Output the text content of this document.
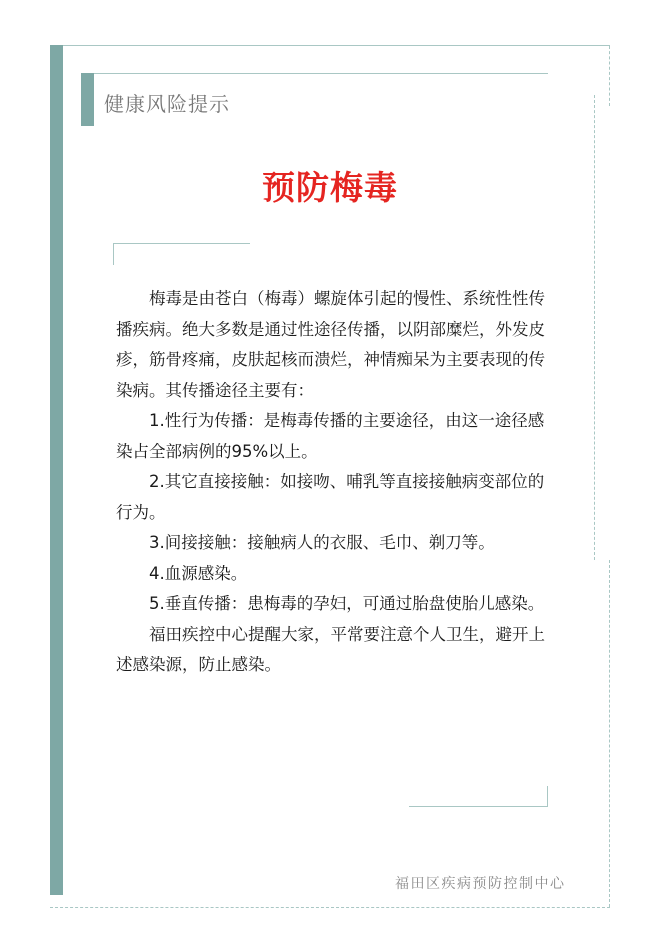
健康风险提示
预防梅毒

梅毒是由苍白（梅毒）螺旋体引起的慢性、系统性性传播疾病。绝大多数是通过性途径传播，以阴部糜烂，外发皮疹，筋骨疼痛，皮肤起核而溃烂，神情痴呆为主要表现的传染病。其传播途径主要有：

1.性行为传播：是梅毒传播的主要途径，由这一途径感染占全部病例的95%以上。

2.其它直接接触：如接吻、哺乳等直接接触病变部位的行为。

3.间接接触：接触病人的衣服、毛巾、剃刀等。

4.血源感染。

5.垂直传播：患梅毒的孕妇，可通过胎盘使胎儿感染。

福田疾控中心提醒大家，平常要注意个人卫生，避开上述感染源，防止感染。

福田区疾病预防控制中心
